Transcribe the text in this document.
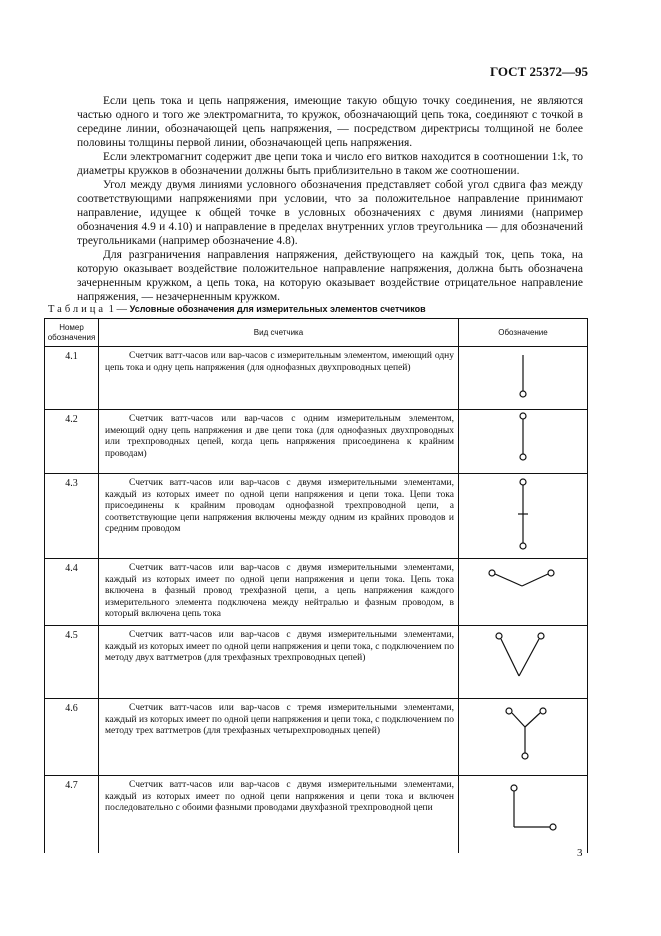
ГОСТ 25372—95

Если цепь тока и цепь напряжения, имеющие такую общую точку соединения, не являются частью одного и того же электромагнита, то кружок, обозначающий цепь тока, соединяют с точкой в середине линии, обозначающей цепь напряжения, — посредством директрисы толщиной не более половины толщины первой линии, обозначающей цепь напряжения.

Если электромагнит содержит две цепи тока и число его витков находится в соотношении 1:k, то диаметры кружков в обозначении должны быть приблизительно в таком же соотношении.

Угол между двумя линиями условного обозначения представляет собой угол сдвига фаз между соответствующими напряжениями при условии, что за положительное направление принимают направление, идущее к общей точке в условных обозначениях с двумя линиями (например обозначения 4.9 и 4.10) и направление в пределах внутренних углов треугольника — для обозначений треугольниками (например обозначение 4.8).

Для разграничения направления напряжения, действующего на каждый ток, цепь тока, на которую оказывает воздействие положительное направление напряжения, должна быть обозначена зачерненным кружком, а цепь тока, на которую оказывает воздействие отрицательное направление напряжения, — незачерненным кружком.

Таблица 1 — Условные обозначения для измерительных элементов счетчиков
Номер обозначения	Вид счетчика	Обозначение
4.1	Счетчик ватт-часов или вар-часов с измерительным элементом, имеющий одну цепь тока и одну цепь напряжения (для однофазных двухпроводных цепей)

4.2	Счетчик ватт-часов или вар-часов с одним измерительным элементом, имеющий одну цепь напряжения и две цепи тока (для однофазных двухпроводных или трехпроводных цепей, когда цепь напряжения присоединена к крайним проводам)

4.3	Счетчик ватт-часов или вар-часов с двумя измерительными элементами, каждый из которых имеет по одной цепи напряжения и цепи тока. Цепи тока присоединены к крайним проводам однофазной трехпроводной цепи, а соответствующие цепи напряжения включены между одним из крайних проводов и средним проводом

4.4	Счетчик ватт-часов или вар-часов с двумя измерительными элементами, каждый из которых имеет по одной цепи напряжения и цепи тока. Цепь тока включена в фазный провод трехфазной цепи, а цепь напряжения каждого измерительного элемента подключена между нейтралью и фазным проводом, в который включена цепь тока

4.5	Счетчик ватт-часов или вар-часов с двумя измерительными элементами, каждый из которых имеет по одной цепи напряжения и цепи тока, с подключением по методу двух ваттметров (для трехфазных трехпроводных цепей)

4.6	Счетчик ватт-часов или вар-часов с тремя измерительными элементами, каждый из которых имеет по одной цепи напряжения и цепи тока, с подключением по методу трех ваттметров (для трехфазных четырехпроводных цепей)

4.7	Счетчик ватт-часов или вар-часов с двумя измерительными элементами, каждый из которых имеет по одной цепи напряжения и цепи тока и включен последовательно с обоими фазными проводами двухфазной трехпроводной цепи

3
